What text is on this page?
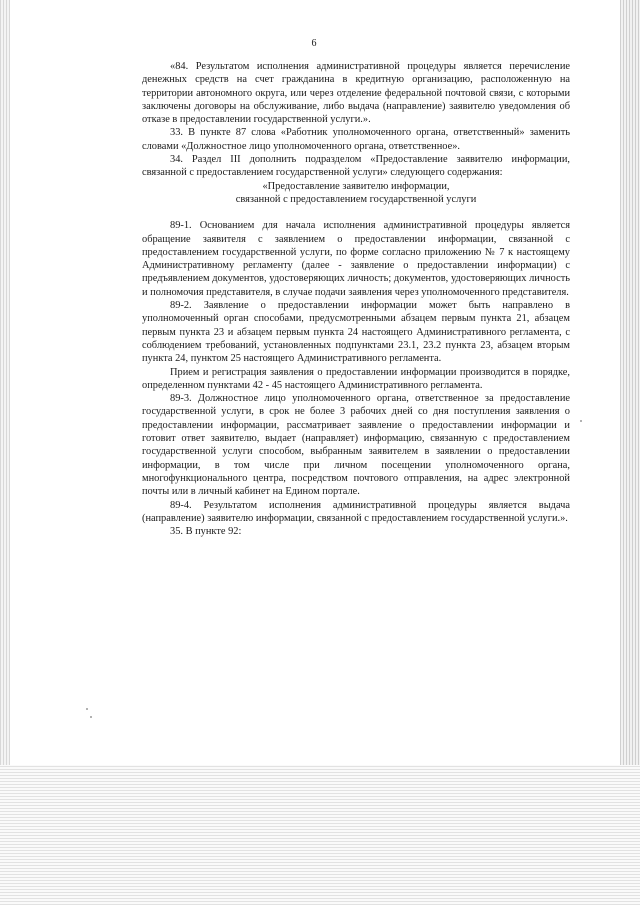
6

«84. Результатом исполнения административной процедуры является перечисление денежных средств на счет гражданина в кредитную организацию, расположенную на территории автономного округа, или через отделение федеральной почтовой связи, с которыми заключены договоры на обслуживание, либо выдача (направление) заявителю уведомления об отказе в предоставлении государственной услуги.».

33. В пункте 87 слова «Работник уполномоченного органа, ответственный» заменить словами «Должностное лицо уполномоченного органа, ответственное».

34. Раздел III дополнить подразделом «Предоставление заявителю информации, связанной с предоставлением государственной услуги» следующего содержания:

«Предоставление заявителю информации,

связанной с предоставлением государственной услуги

89-1. Основанием для начала исполнения административной процедуры является обращение заявителя с заявлением о предоставлении информации, связанной с предоставлением государственной услуги, по форме согласно приложению № 7 к настоящему Административному регламенту (далее - заявление о предоставлении информации) с предъявлением документов, удостоверяющих личность; документов, удостоверяющих личность и полномочия представителя, в случае подачи заявления через уполномоченного представителя.

89-2. Заявление о предоставлении информации может быть направлено в уполномоченный орган способами, предусмотренными абзацем первым пункта 21, абзацем первым пункта 23 и абзацем первым пункта 24 настоящего Административного регламента, с соблюдением требований, установленных подпунктами 23.1, 23.2 пункта 23, абзацем вторым пункта 24, пунктом 25 настоящего Административного регламента.

Прием и регистрация заявления о предоставлении информации производится в порядке, определенном пунктами 42 - 45 настоящего Административного регламента.

89-3. Должностное лицо уполномоченного органа, ответственное за предоставление государственной услуги, в срок не более 3 рабочих дней со дня поступления заявления о предоставлении информации, рассматривает заявление о предоставлении информации и готовит ответ заявителю, выдает (направляет) информацию, связанную с предоставлением государственной услуги способом, выбранным заявителем в заявлении о предоставлении информации, в том числе при личном посещении уполномоченного органа, многофункционального центра, посредством почтового отправления, на адрес электронной почты или в личный кабинет на Едином портале.

89-4. Результатом исполнения административной процедуры является выдача (направление) заявителю информации, связанной с предоставлением государственной услуги.».

35. В пункте 92:
